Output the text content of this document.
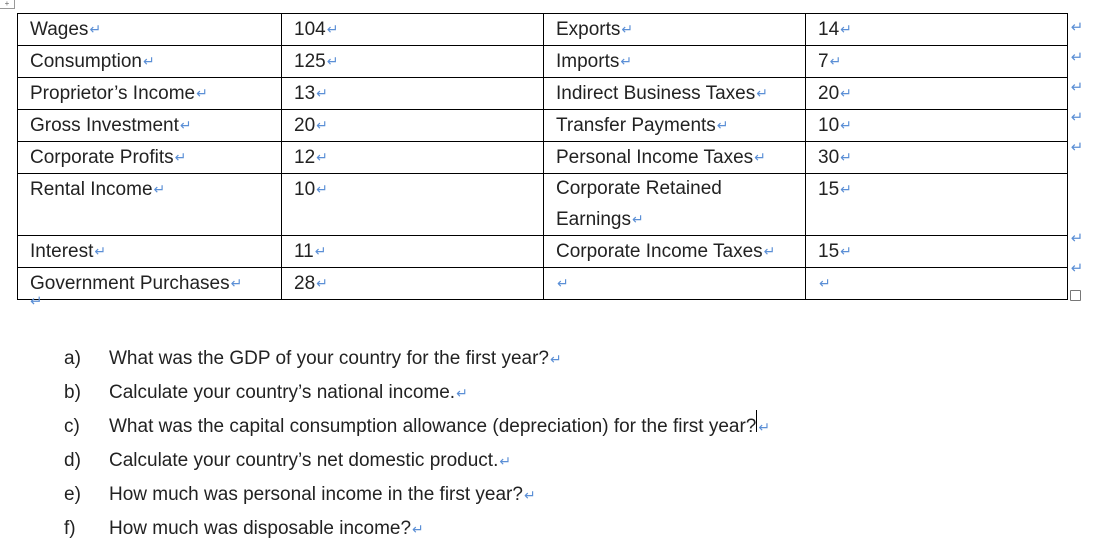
+
Wages↵	104↵	Exports↵	14↵
Consumption↵	125↵	Imports↵	7↵
Proprietor’s Income↵	13↵	Indirect Business Taxes↵	20↵
Gross Investment↵	20↵	Transfer Payments↵	10↵
Corporate Profits↵	12↵	Personal Income Taxes↵	30↵
Rental Income↵	10↵	Corporate Retained Earnings↵	15↵
Interest↵	11↵	Corporate Income Taxes↵	15↵
Government Purchases↵	28↵	↵	↵
↵
↵
↵
↵
↵
↵
↵
↵
a)	What was the GDP of your country for the first year? ↵
b)	Calculate your country’s national income. ↵
c)	What was the capital consumption allowance (depreciation) for the first year? ↵
d)	Calculate your country’s net domestic product. ↵
e)	How much was personal income in the first year? ↵
f)	How much was disposable income? ↵
